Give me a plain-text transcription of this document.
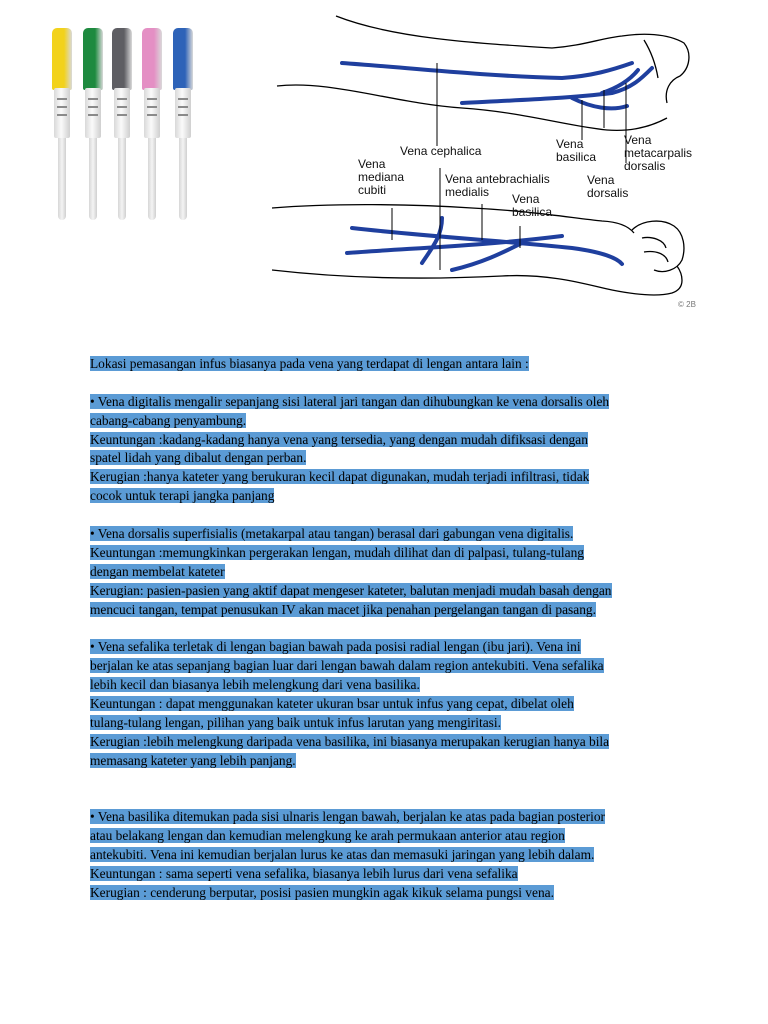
Vena cephalica
Vena
mediana
cubiti
Vena antebrachialis
medialis	Vena
basilica
Vena
basilica
Vena
dorsalis
Vena
metacarpalis
dorsalis
© 2B
Lokasi pemasangan infus biasanya pada vena yang terdapat di lengan antara lain :
• Vena digitalis mengalir sepanjang sisi lateral jari tangan dan dihubungkan ke vena dorsalis oleh
cabang-cabang penyambung.
Keuntungan :kadang-kadang hanya vena yang tersedia, yang dengan mudah difiksasi dengan
spatel lidah yang dibalut dengan perban.
Kerugian :hanya kateter yang berukuran kecil dapat digunakan, mudah terjadi infiltrasi, tidak
cocok untuk terapi jangka panjang
• Vena dorsalis superfisialis (metakarpal atau tangan) berasal dari gabungan vena digitalis.
Keuntungan :memungkinkan pergerakan lengan, mudah dilihat dan di palpasi, tulang-tulang
dengan membelat kateter
Kerugian: pasien-pasien yang aktif dapat mengeser kateter, balutan menjadi mudah basah dengan
mencuci tangan, tempat penusukan IV akan macet jika penahan pergelangan tangan di pasang.
• Vena sefalika terletak di lengan bagian bawah pada posisi radial lengan (ibu jari). Vena ini
berjalan ke atas sepanjang bagian luar dari lengan bawah dalam region antekubiti. Vena sefalika
lebih kecil dan biasanya lebih melengkung dari vena basilika.
Keuntungan : dapat menggunakan kateter ukuran bsar untuk infus yang cepat, dibelat oleh
tulang-tulang lengan, pilihan yang baik untuk infus larutan yang mengiritasi.
Kerugian :lebih melengkung daripada vena basilika, ini biasanya merupakan kerugian hanya bila
memasang kateter yang lebih panjang.
• Vena basilika ditemukan pada sisi ulnaris lengan bawah, berjalan ke atas pada bagian posterior
atau belakang lengan dan kemudian melengkung ke arah permukaan anterior atau region
antekubiti. Vena ini kemudian berjalan lurus ke atas dan memasuki jaringan yang lebih dalam.
Keuntungan : sama seperti vena sefalika, biasanya lebih lurus dari vena sefalika
Kerugian : cenderung berputar, posisi pasien mungkin agak kikuk selama pungsi vena.
